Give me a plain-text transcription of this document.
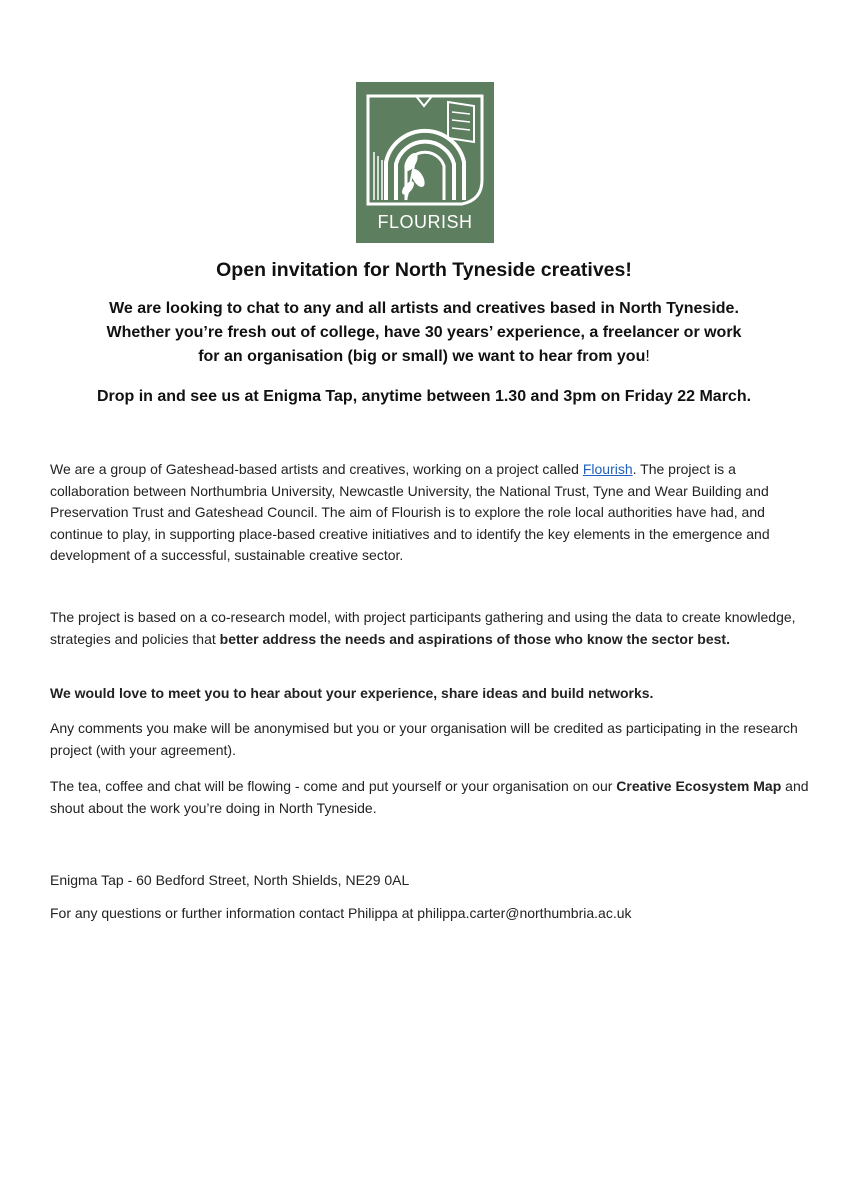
FLOURISH
Open invitation for North Tyneside creatives!
We are looking to chat to any and all artists and creatives based in North Tyneside.
Whether you’re fresh out of college, have 30 years’ experience, a freelancer or work
for an organisation (big or small) we want to hear from you!
Drop in and see us at Enigma Tap, anytime between 1.30 and 3pm on Friday 22 March.
We are a group of Gateshead-based artists and creatives, working on a project called Flourish. The project is a collaboration between Northumbria University, Newcastle University, the National Trust, Tyne and Wear Building and Preservation Trust and Gateshead Council. The aim of Flourish is to explore the role local authorities have had, and continue to play, in supporting place-based creative initiatives and to identify the key elements in the emergence and development of a successful, sustainable creative sector.
The project is based on a co-research model, with project participants gathering and using the data to create knowledge, strategies and policies that better address the needs and aspirations of those who know the sector best.
We would love to meet you to hear about your experience, share ideas and build networks.
Any comments you make will be anonymised but you or your organisation will be credited as participating in the research project (with your agreement).
The tea, coffee and chat will be flowing - come and put yourself or your organisation on our Creative Ecosystem Map and shout about the work you’re doing in North Tyneside.
Enigma Tap - 60 Bedford Street, North Shields, NE29 0AL
For any questions or further information contact Philippa at philippa.carter@northumbria.ac.uk
